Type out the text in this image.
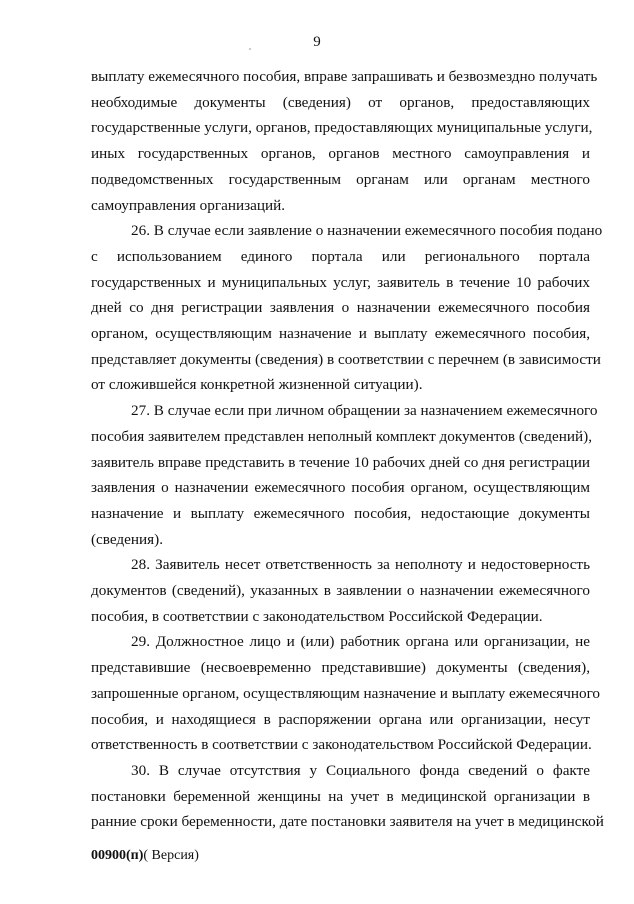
9
выплату ежемесячного пособия, вправе запрашивать и безвозмездно получать
необходимые документы (сведения) от органов, предоставляющих
государственные услуги, органов, предоставляющих муниципальные услуги,
иных государственных органов, органов местного самоуправления и
подведомственных государственным органам или органам местного
самоуправления организаций.
26. В случае если заявление о назначении ежемесячного пособия подано
с использованием единого портала или регионального портала
государственных и муниципальных услуг, заявитель в течение 10 рабочих
дней со дня регистрации заявления о назначении ежемесячного пособия
органом, осуществляющим назначение и выплату ежемесячного пособия,
представляет документы (сведения) в соответствии с перечнем (в зависимости
от сложившейся конкретной жизненной ситуации).
27. В случае если при личном обращении за назначением ежемесячного
пособия заявителем представлен неполный комплект документов (сведений),
заявитель вправе представить в течение 10 рабочих дней со дня регистрации
заявления о назначении ежемесячного пособия органом, осуществляющим
назначение и выплату ежемесячного пособия, недостающие документы
(сведения).
28. Заявитель несет ответственность за неполноту и недостоверность
документов (сведений), указанных в заявлении о назначении ежемесячного
пособия, в соответствии с законодательством Российской Федерации.
29. Должностное лицо и (или) работник органа или организации, не
представившие (несвоевременно представившие) документы (сведения),
запрошенные органом, осуществляющим назначение и выплату ежемесячного
пособия, и находящиеся в распоряжении органа или организации, несут
ответственность в соответствии с законодательством Российской Федерации.
30. В случае отсутствия у Социального фонда сведений о факте
постановки беременной женщины на учет в медицинской организации в
ранние сроки беременности, дате постановки заявителя на учет в медицинской
00900(п)( Версия)
